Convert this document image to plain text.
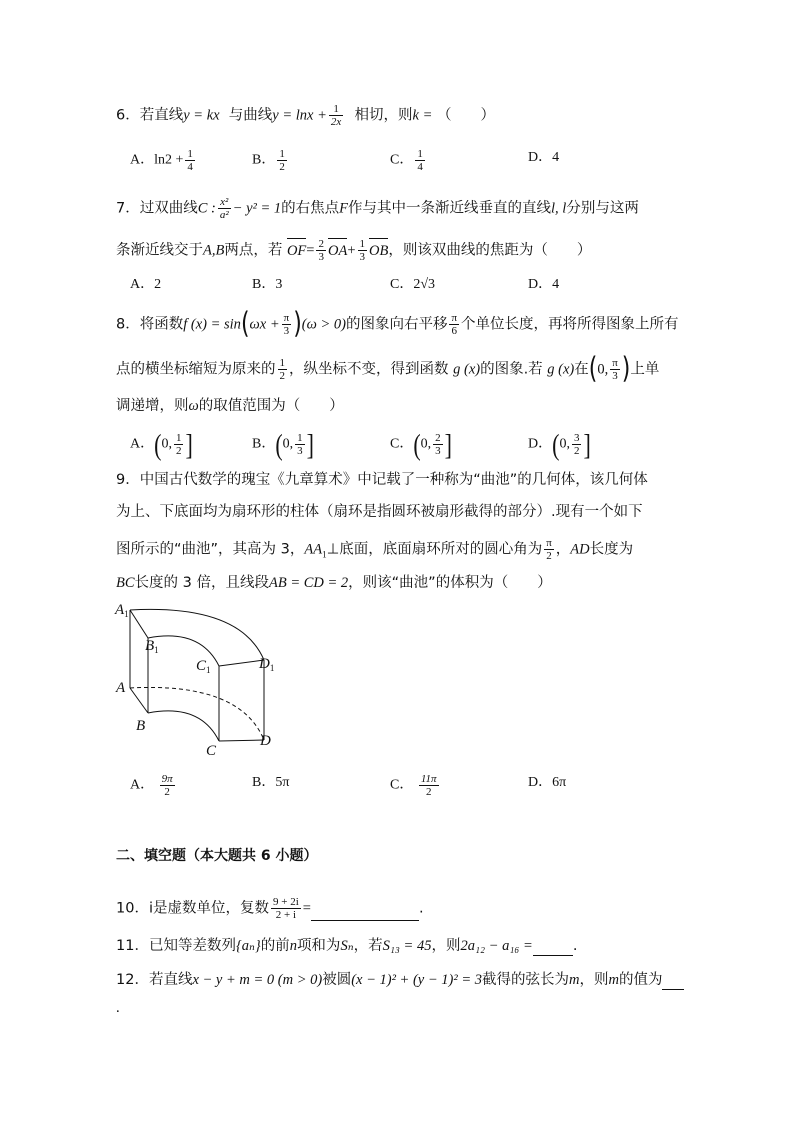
6．若直线y = kx 与曲线$y = \ln x + \frac{1}{2x}$ 相切，则k = （　　）
A．$\ln 2 + \frac{1}{4}$	B． $\frac{1}{2}$	C． $\frac{1}{4}$	D．4
7．过双曲线C : $\frac{\text{x²}}{\text{a²}} - y^2 = 1$的右焦点F作与其中一条渐近线垂直的直线l, l分别与这两
条渐近线交于A,B两点，若 $OF= \frac{2}{3} OA+ \frac{1}{3}$ OB，则该双曲线的焦距为（　　）
A．2	B．3	C．2√3	D．4
8．将函数f $(x) = \sin(\omega x + \frac{\pi}{3} )(\omega > 0)$的图象向右平移 $\frac{\pi}{6}$ 个单位长度，再将所得图象上所有
点的横坐标缩短为原来的 $\frac{1}{2}$ ，纵坐标不变，得到函数 g (x)的图象.若 g (x)在(0, $\frac{\pi}{3}$ )上单
调递增，则ω的取值范围为（　　）
A．(0, $\frac{1}{2}$ ]	B．(0, $\frac{1}{3}$ ]	C．(0, $\frac{2}{3}$ ]	D．(0, $\frac{3}{2}$ ]
9．中国古代数学的瑰宝《九章算术》中记载了一种称为“曲池”的几何体，该几何体
为上、下底面均为扇环形的柱体（扇环是指圆环被扇形截得的部分）.现有一个如下
图所示的“曲池”，其高为 3，$AA_1\perp$底面，底面扇环所对的圆心角为 $\frac{\pi}{2}$ ，AD长度为
BC长度的 3 倍，且线段AB = CD = 2，则该“曲池”的体积为（　　）
$A_1$
$B_1$
$C_1$	$D_1$
A
B
C
D
A． $\frac{9\pi}{2}$	B．5π	C． $\frac{11\pi}{2}$	D．6π
二、填空题（本大题共 6 小题）
10．i是虚数单位，复数 $\frac{9 + 2i}{2 + i}$ =	.
11．已知等差数列{aₙ}的前n项和为Sₙ，若S₁₃ = 45，则2a₁₂ − a₁₆ =	.
12．若直线x − y + m = 0 (m > 0)被圆(x − 1)² + (y − 1)² = 3截得的弦长为m，则m的值为
.
